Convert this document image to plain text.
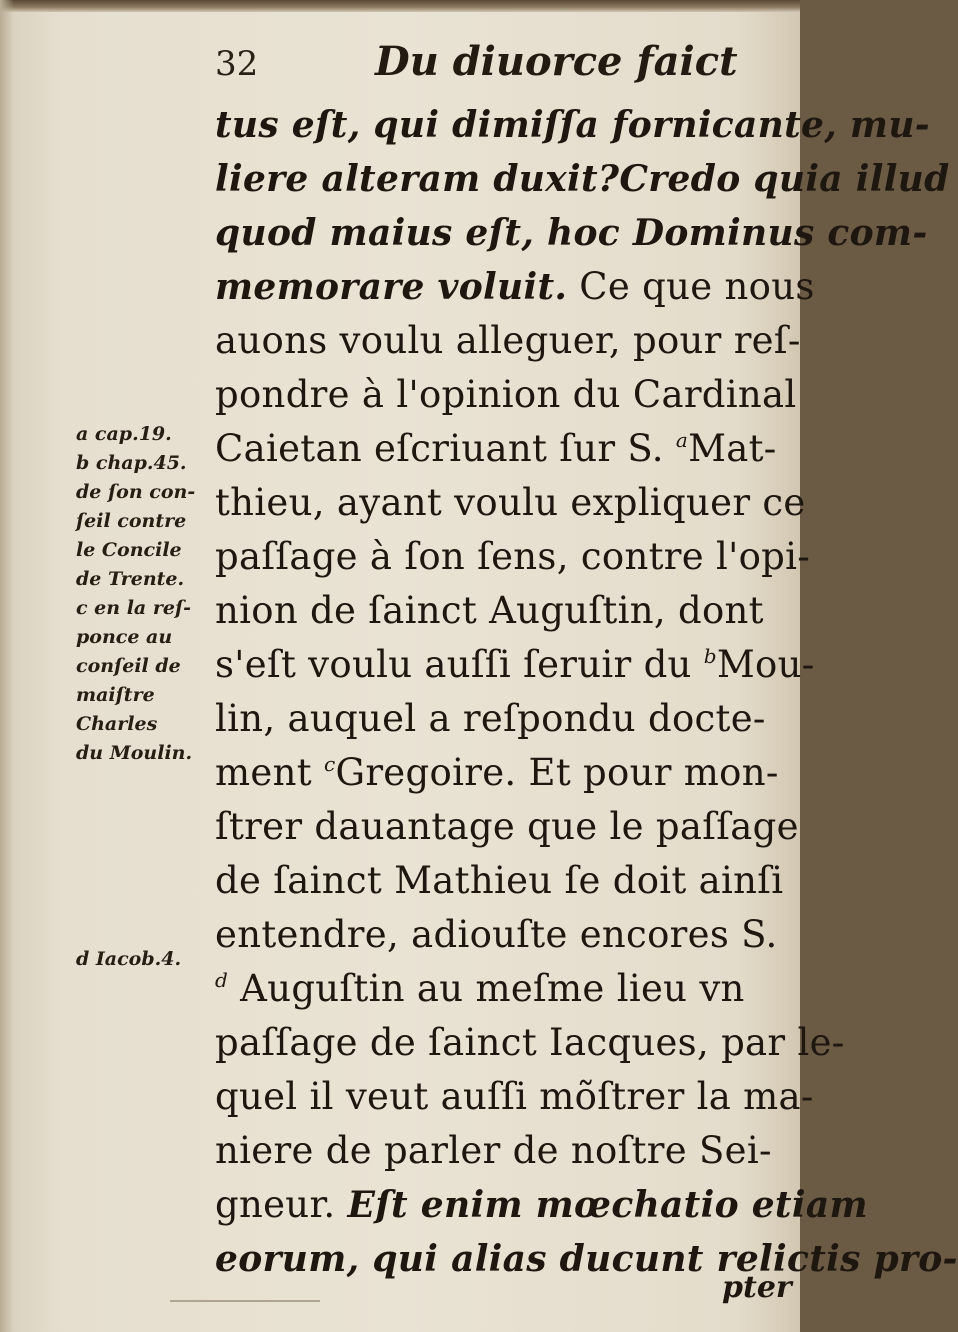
32	Du diuorce faict
tus eſt, qui dimiſſa fornicante, mu-
liere alteram duxit?Credo quia illud
quod maius eſt, hoc Dominus com-
memorare voluit. Ce que nous
auons voulu alleguer, pour reſ-
pondre à l'opinion du Cardinal
Caietan eſcriuant ſur S. $^a$Mat-
thieu, ayant voulu expliquer ce
paſſage à ſon ſens, contre l'opi-
nion de ſainct Auguſtin, dont
s'eſt voulu auſſi ſeruir du $^b$Mou-
lin, auquel a reſpondu docte-
ment $^c$Gregoire. Et pour mon-
ſtrer dauantage que le paſſage
de ſainct Mathieu ſe doit ainſi
entendre, adiouſte encores S.
$^d$ Auguſtin au meſme lieu vn
paſſage de ſainct Iacques, par le-
quel il veut auſſi mõſtrer la ma-
niere de parler de noſtre Sei-
gneur. Eſt enim mœchatio etiam
eorum, qui alias ducunt relictis pro-
a cap.19.
b chap.45.
de ſon con-
ſeil contre
le Concile
de Trente.
c en la reſ-
ponce au
conſeil de
maiſtre
Charles
du Moulin.
d Iacob.4.
pter
